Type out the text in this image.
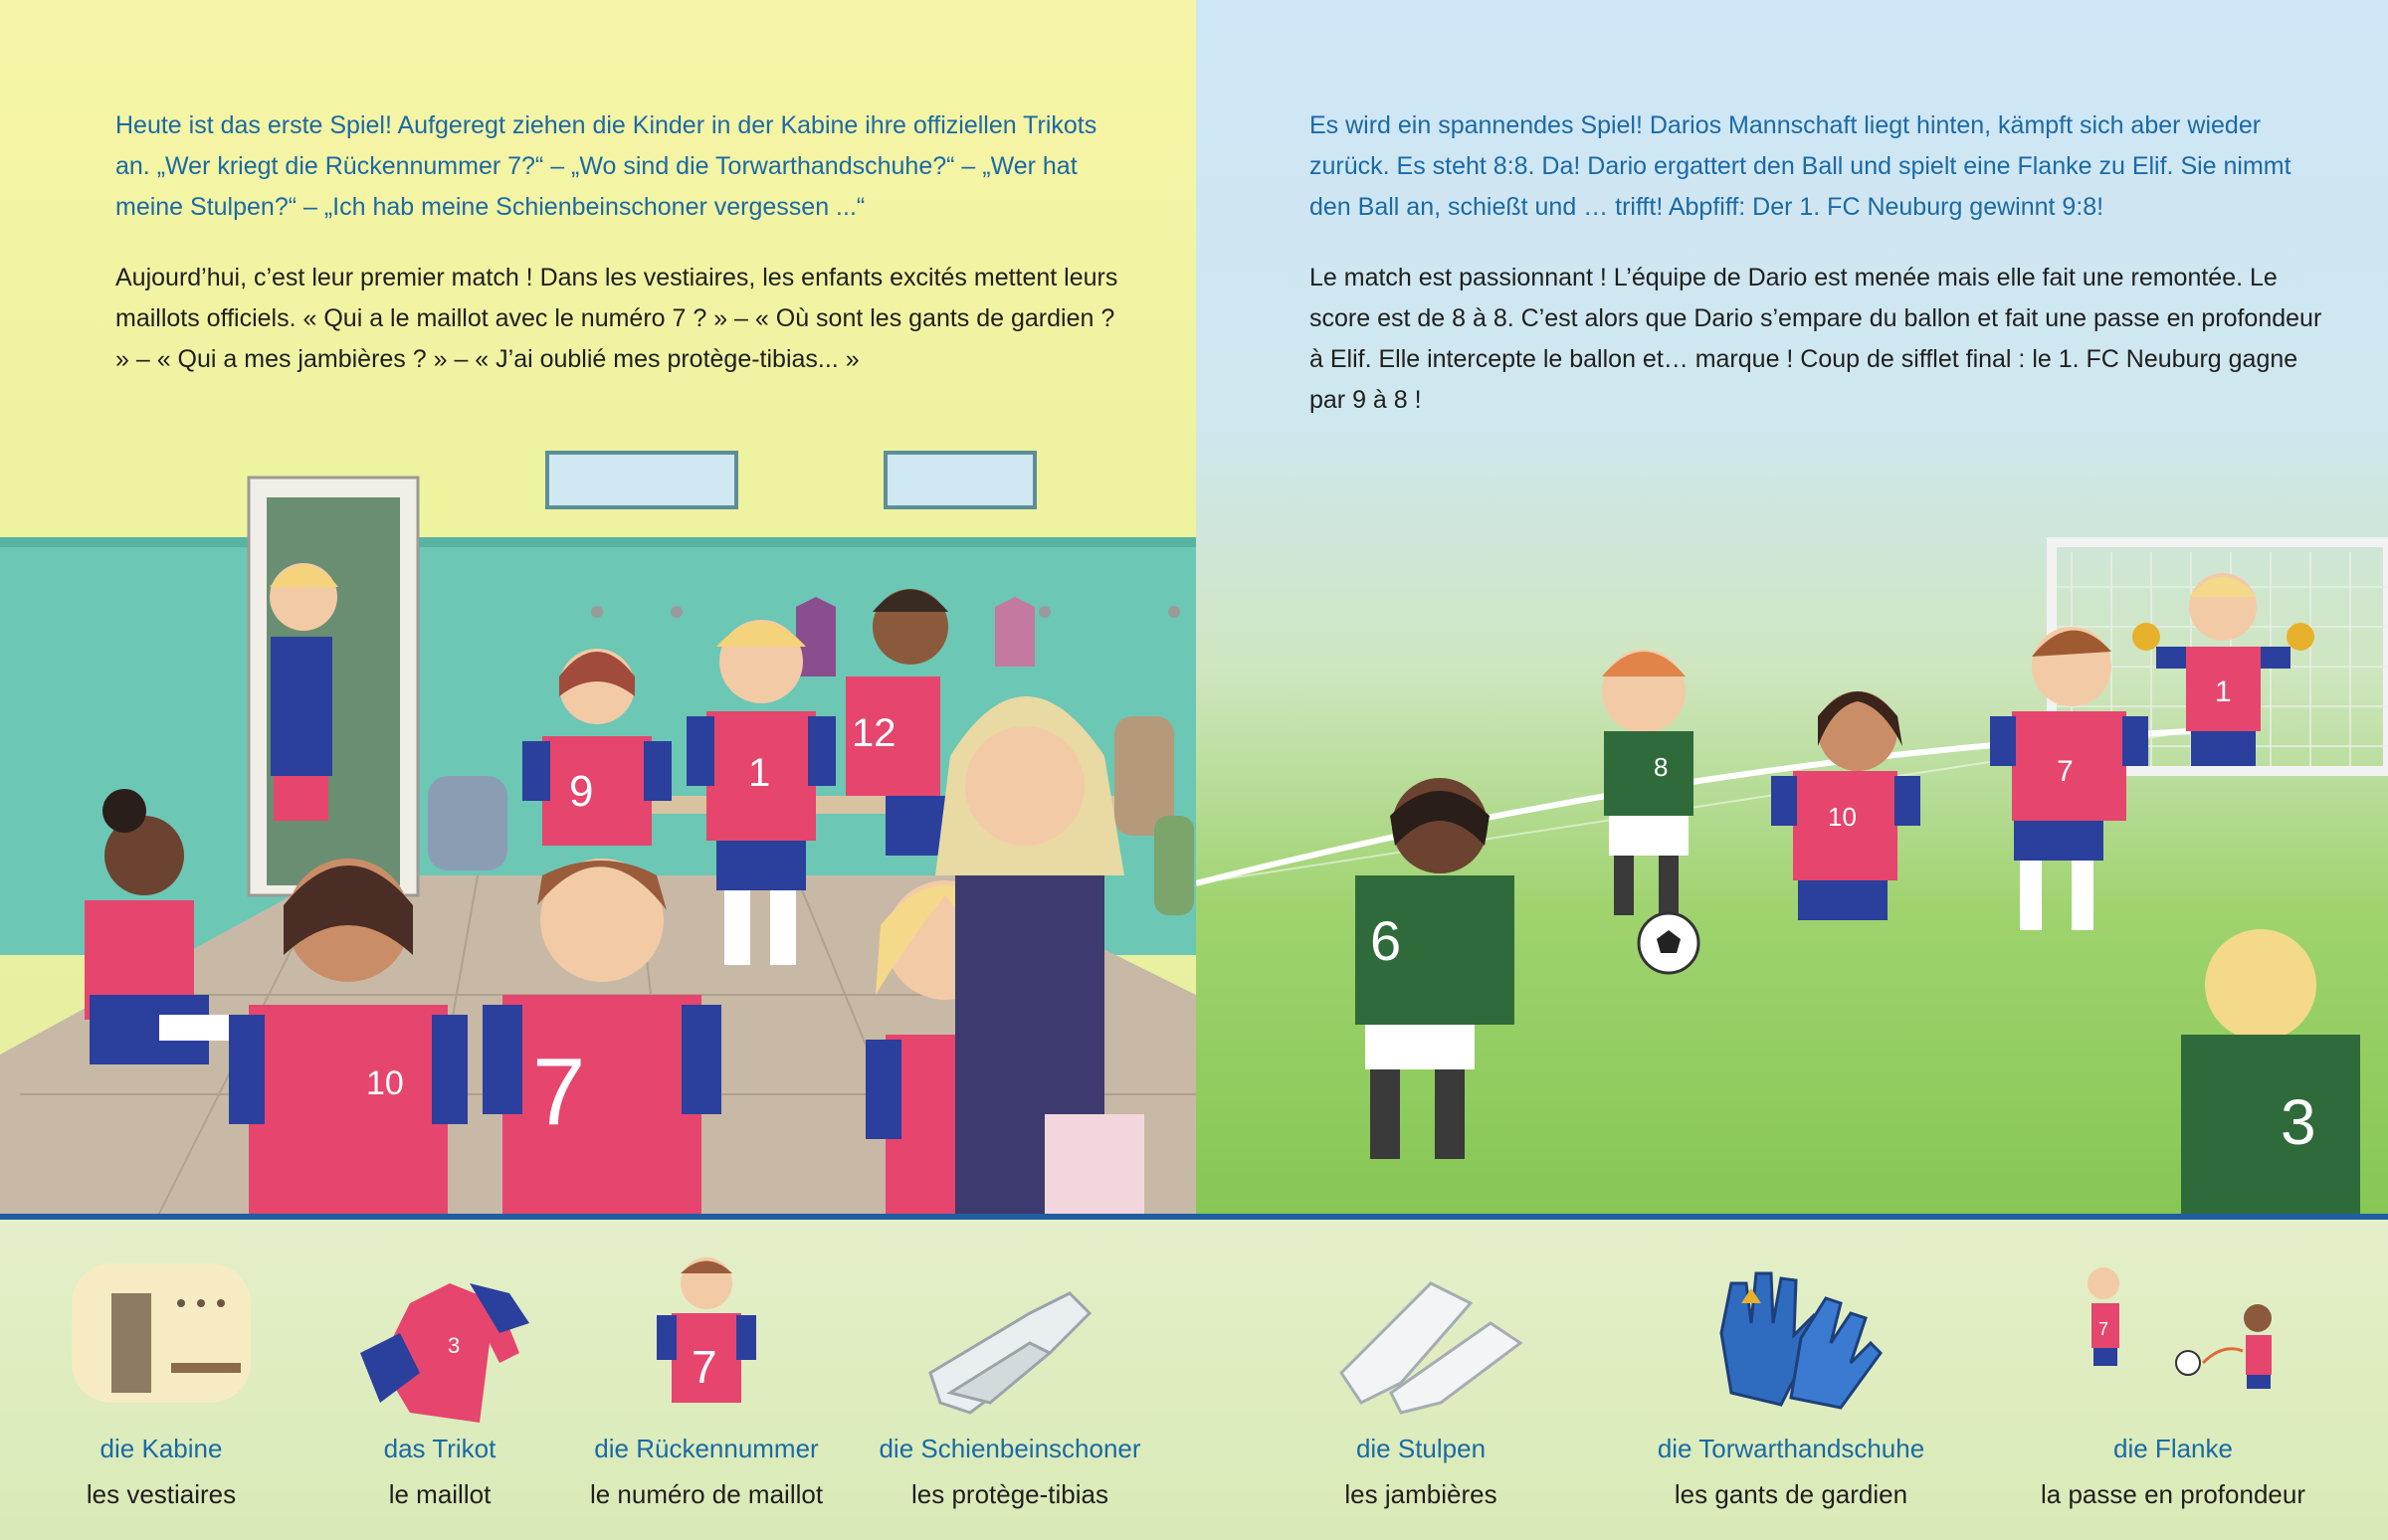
9	1
12
10 7

Heute ist das erste Spiel! Aufgeregt ziehen die Kinder in der Kabine ihre offiziellen Trikots an. „Wer kriegt die Rückennummer 7?“ – „Wo sind die Torwarthandschuhe?“ – „Wer hat meine Stulpen?“ – „Ich hab meine Schienbeinschoner vergessen ...“

Aujourd’hui, c’est leur premier match ! Dans les vestiaires, les enfants excités mettent leurs maillots officiels. « Qui a le maillot avec le numéro 7 ? » – « Où sont les gants de gardien ? » – « Qui a mes jambières ? » – « J’ai oublié mes protège-tibias... »

1
8
10
7
6
3

Es wird ein spannendes Spiel! Darios Mannschaft liegt hinten, kämpft sich aber wieder zurück. Es steht 8:8. Da! Dario ergattert den Ball und spielt eine Flanke zu Elif. Sie nimmt den Ball an, schießt und … trifft! Abpfiff: Der 1. FC Neuburg gewinnt 9:8!

Le match est passionnant ! L’équipe de Dario est menée mais elle fait une remontée. Le score est de 8 à 8. C’est alors que Dario s’empare du ballon et fait une passe en profondeur à Elif. Elle intercepte le ballon et… marque ! Coup de sifflet final : le 1. FC Neuburg gagne par 9 à 8 !

die Kabine
les vestiaires
3
das Trikot
le maillot
7
die Rückennummer
le numéro de maillot
die Schienbeinschoner
les protège-tibias
die Stulpen
les jambières
die Torwarthandschuhe
les gants de gardien
7
die Flanke
la passe en profondeur
